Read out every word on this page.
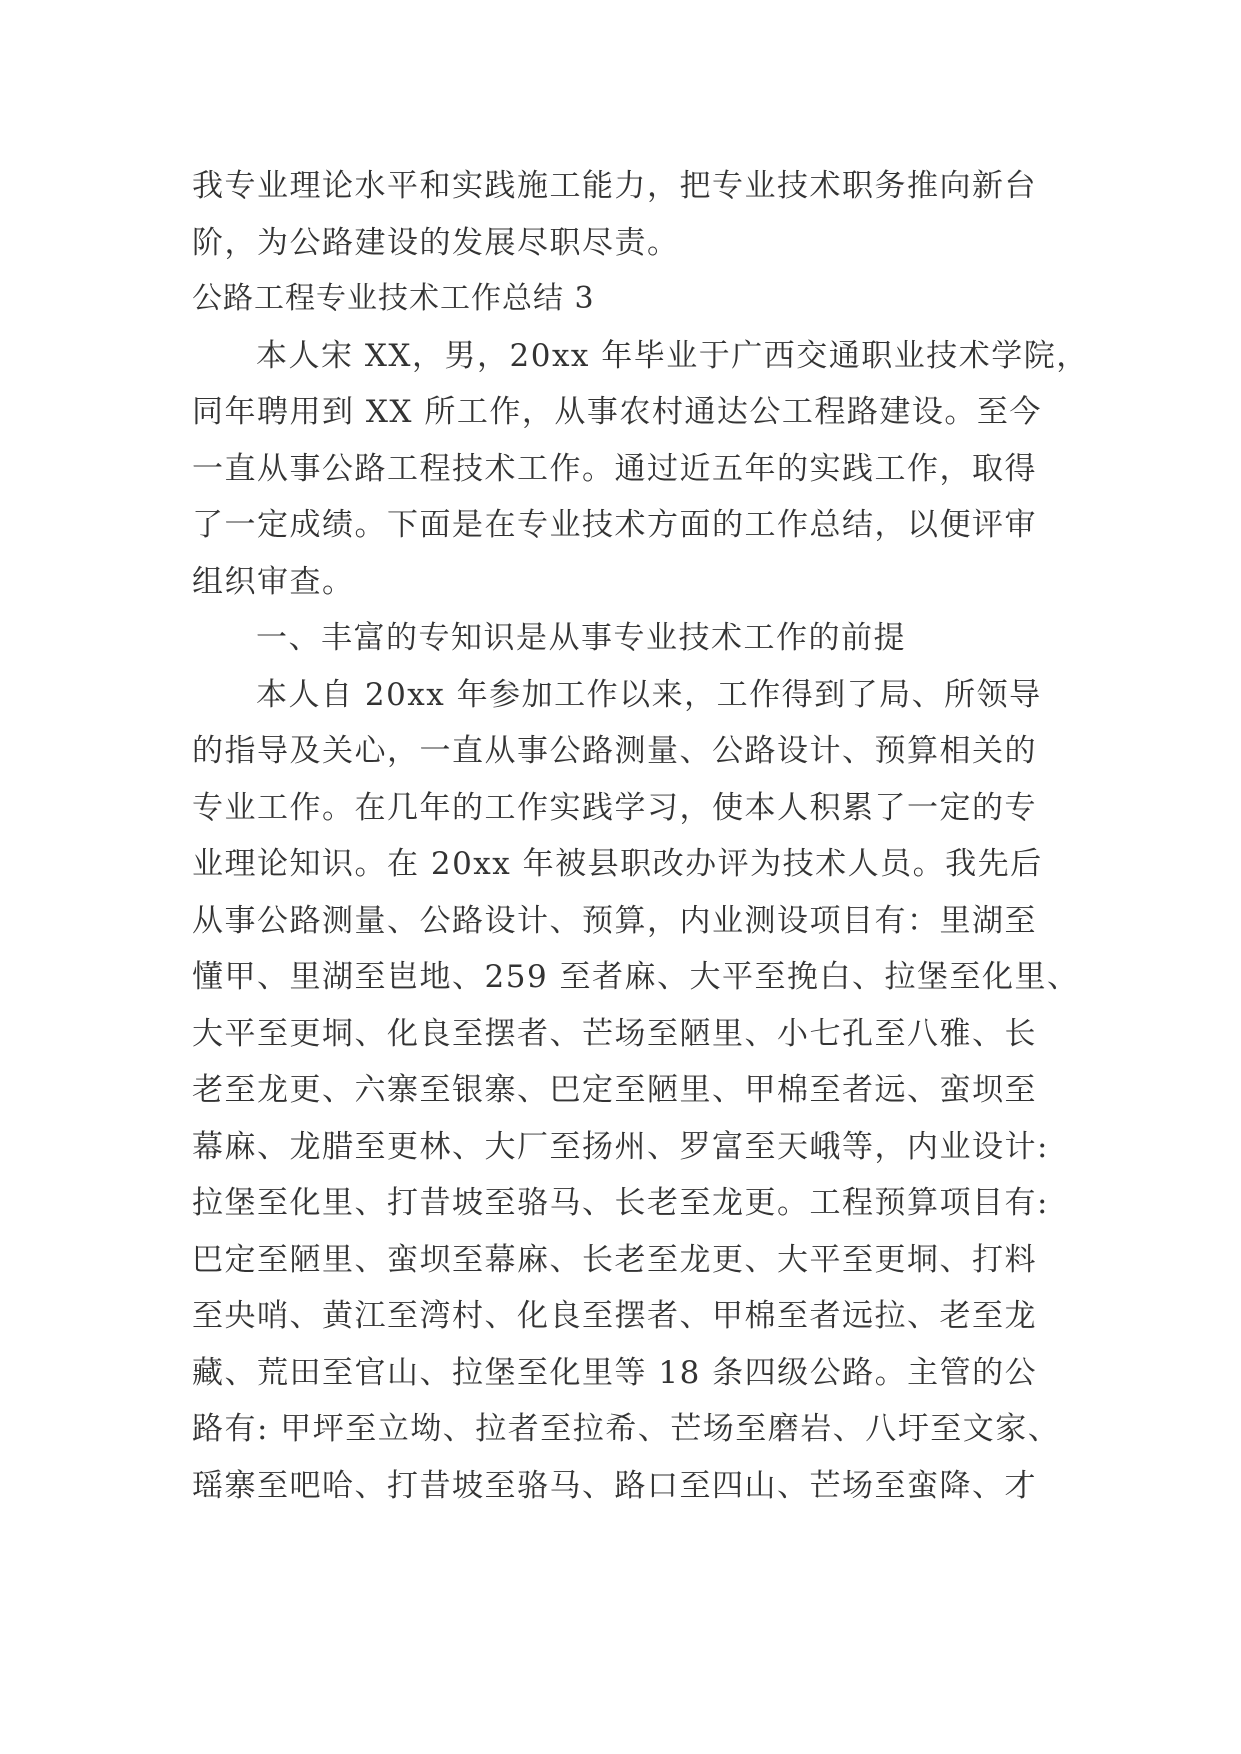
我专业理论水平和实践施工能力，把专业技术职务推向新台
阶，为公路建设的发展尽职尽责。
公路工程专业技术工作总结 3
本人宋 XX，男，20xx 年毕业于广西交通职业技术学院，
同年聘用到 XX 所工作，从事农村通达公工程路建设。至今
一直从事公路工程技术工作。通过近五年的实践工作，取得
了一定成绩。下面是在专业技术方面的工作总结，以便评审
组织审查。
一、丰富的专知识是从事专业技术工作的前提
本人自 20xx 年参加工作以来，工作得到了局、所领导
的指导及关心，一直从事公路测量、公路设计、预算相关的
专业工作。在几年的工作实践学习，使本人积累了一定的专
业理论知识。在 20xx 年被县职改办评为技术人员。我先后
从事公路测量、公路设计、预算，内业测设项目有：里湖至
懂甲、里湖至岜地、259 至者麻、大平至挽白、拉堡至化里、
大平至更垌、化良至摆者、芒场至陋里、小七孔至八雅、长
老至龙更、六寨至银寨、巴定至陋里、甲棉至者远、蛮坝至
幕麻、龙腊至更林、大厂至扬州、罗富至天峨等，内业设计:
拉堡至化里、打昔坡至骆马、长老至龙更。工程预算项目有:
巴定至陋里、蛮坝至幕麻、长老至龙更、大平至更垌、打料
至央哨、黄江至湾村、化良至摆者、甲棉至者远拉、老至龙
藏、荒田至官山、拉堡至化里等 18 条四级公路。主管的公
路有: 甲坪至立坳、拉者至拉希、芒场至磨岩、八圩至文家、
瑶寨至吧哈、打昔坡至骆马、路口至四山、芒场至蛮降、才
